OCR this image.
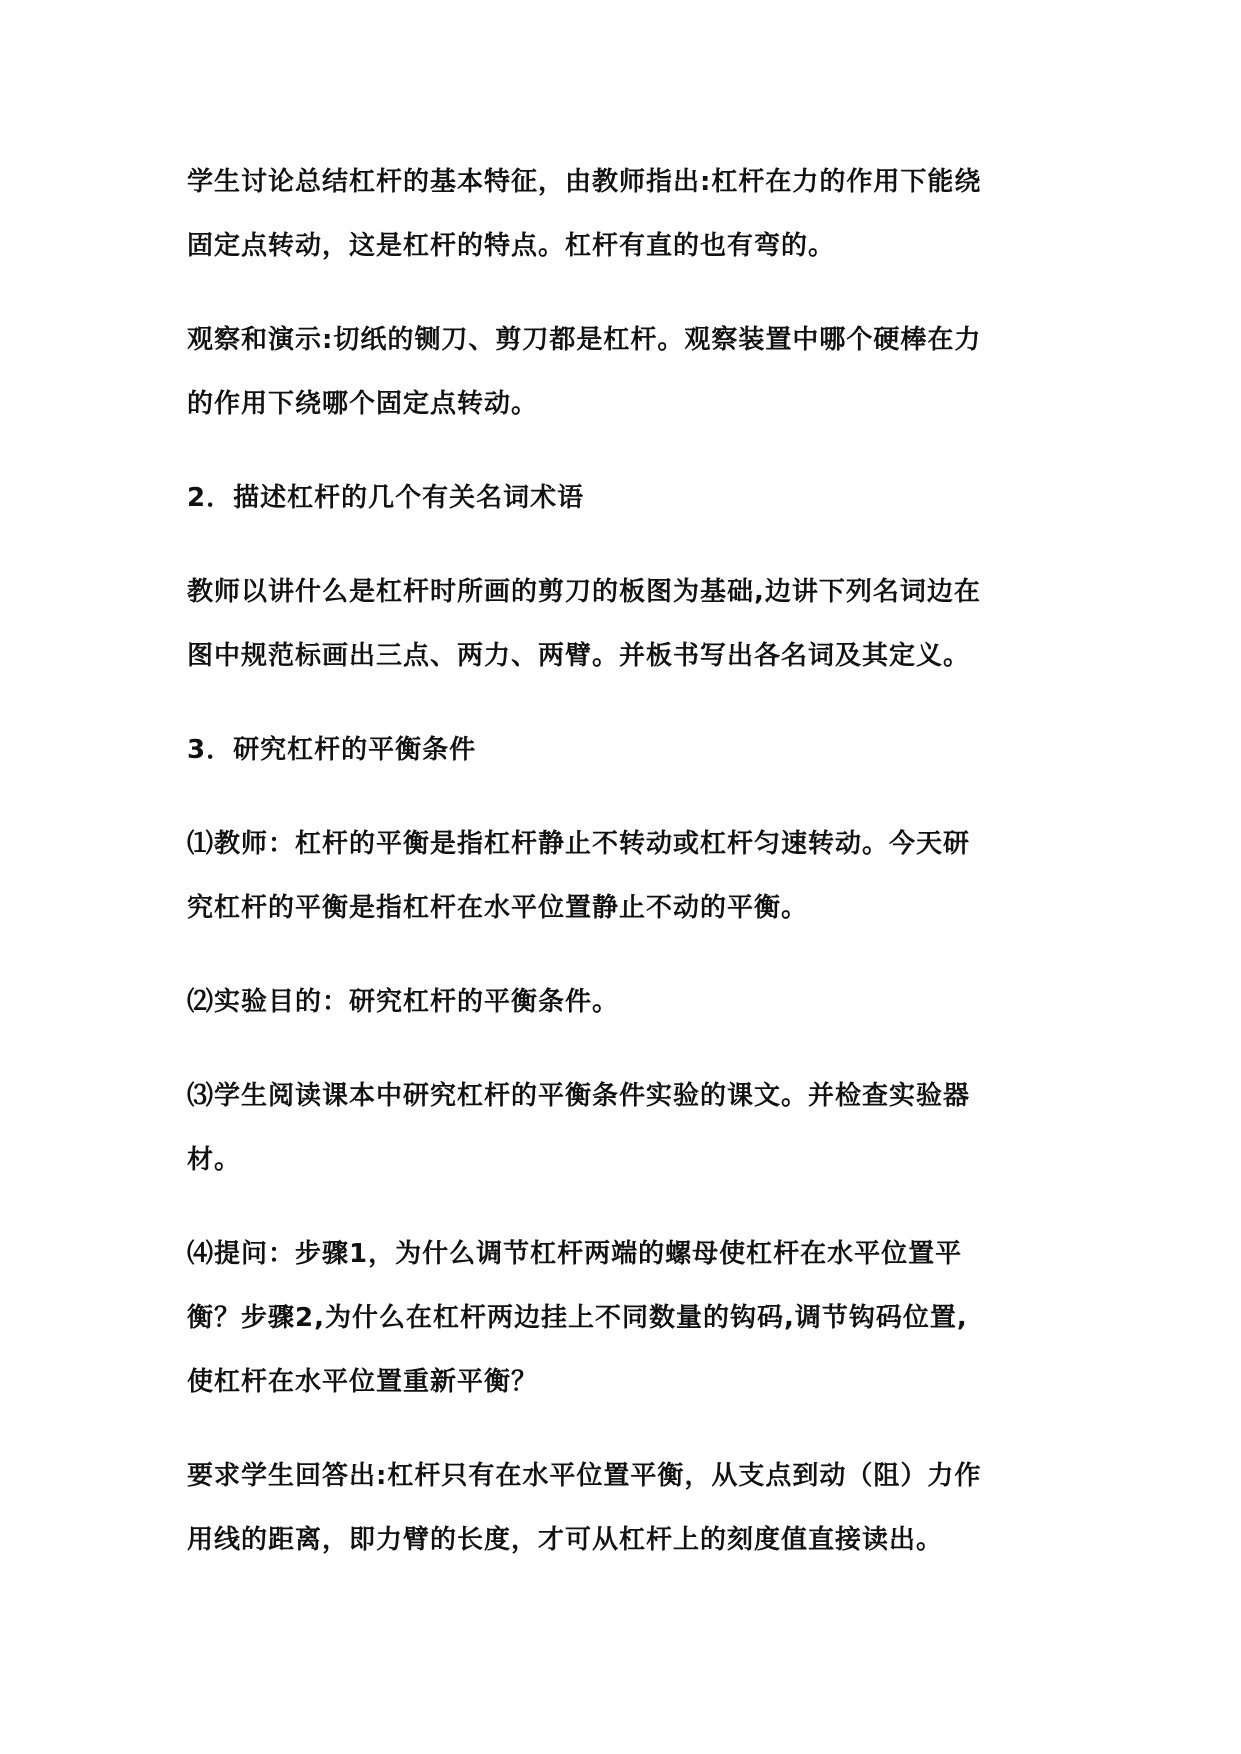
学生讨论总结杠杆的基本特征，由教师指出:杠杆在力的作用下能绕
固定点转动，这是杠杆的特点。杠杆有直的也有弯的。

观察和演示:切纸的铡刀、剪刀都是杠杆。观察装置中哪个硬棒在力
的作用下绕哪个固定点转动。

2．描述杠杆的几个有关名词术语

教师以讲什么是杠杆时所画的剪刀的板图为基础,边讲下列名词边在
图中规范标画出三点、两力、两臂。并板书写出各名词及其定义。

3．研究杠杆的平衡条件

⑴教师：杠杆的平衡是指杠杆静止不转动或杠杆匀速转动。今天研
究杠杆的平衡是指杠杆在水平位置静止不动的平衡。

⑵实验目的：研究杠杆的平衡条件。

⑶学生阅读课本中研究杠杆的平衡条件实验的课文。并检查实验器
材。

⑷提问：步骤1，为什么调节杠杆两端的螺母使杠杆在水平位置平
衡？步骤2,为什么在杠杆两边挂上不同数量的钩码,调节钩码位置,
使杠杆在水平位置重新平衡？

要求学生回答出:杠杆只有在水平位置平衡，从支点到动（阻）力作
用线的距离，即力臂的长度，才可从杠杆上的刻度值直接读出。
